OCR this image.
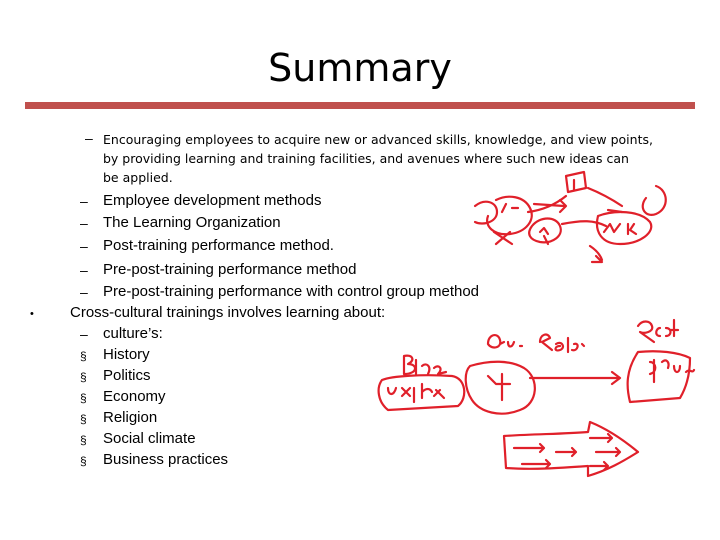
Summary
– Encouraging employees to acquire new or advanced skills, knowledge, and view points,
by providing learning and training facilities, and avenues where such new ideas can
be applied.
– Employee development methods
– The Learning Organization
– Post-training performance method.
– Pre-post-training performance method
– Pre-post-training performance with control group method
• Cross-cultural trainings involves learning about:
– culture’s:
§ History
§ Politics
§ Economy
§ Religion
§ Social climate
§ Business practices
